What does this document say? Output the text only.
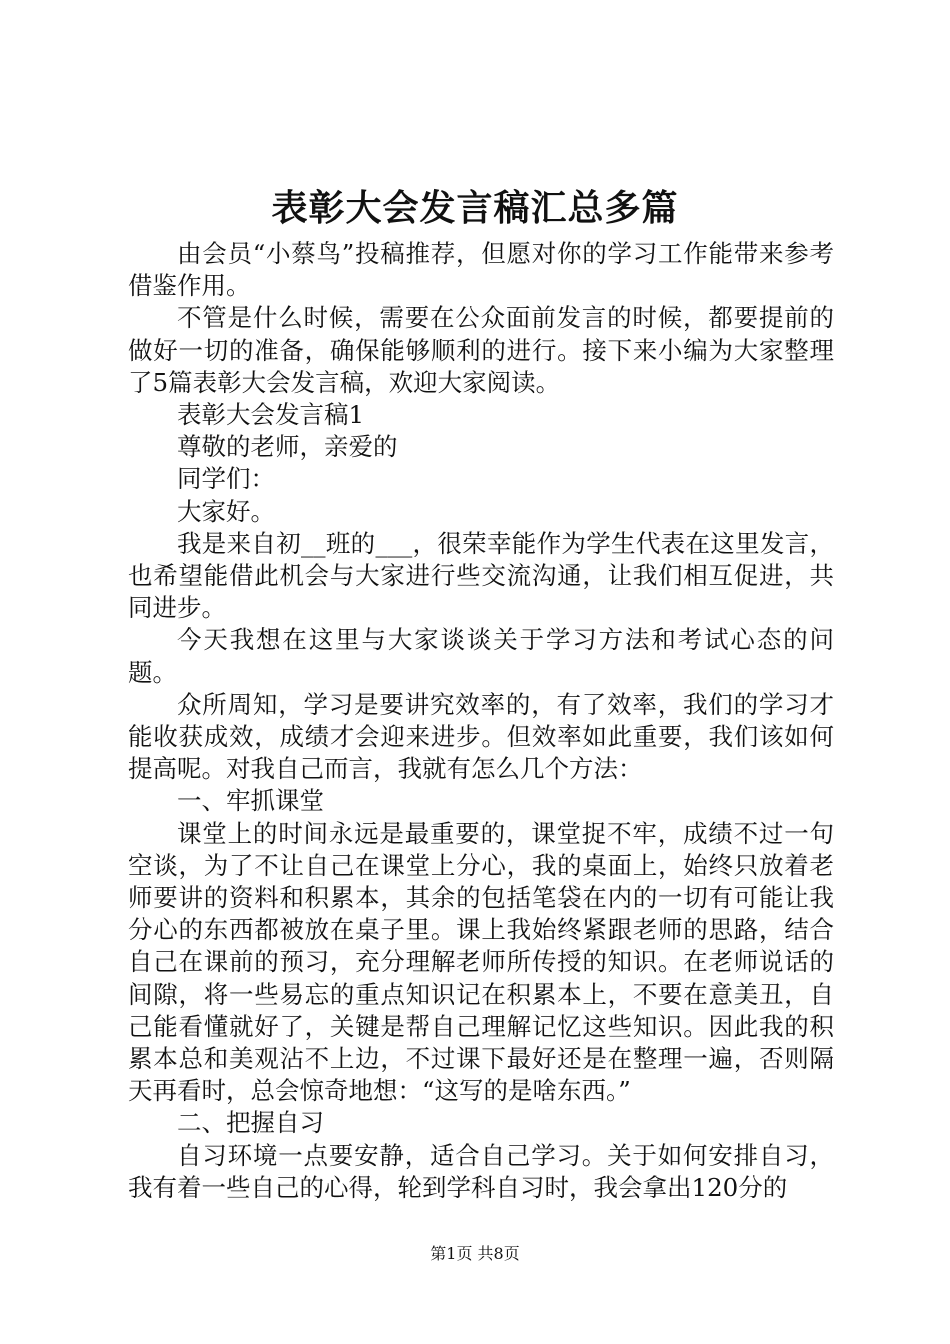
表彰大会发言稿汇总多篇

由会员“小蔡鸟”投稿推荐，但愿对你的学习工作能带来参考借鉴作用。

不管是什么时候，需要在公众面前发言的时候，都要提前的做好一切的准备，确保能够顺利的进行。接下来小编为大家整理了5篇表彰大会发言稿，欢迎大家阅读。

表彰大会发言稿1

尊敬的老师，亲爱的

同学们：

大家好。

我是来自初__班的___，很荣幸能作为学生代表在这里发言，也希望能借此机会与大家进行些交流沟通，让我们相互促进，共同进步。

今天我想在这里与大家谈谈关于学习方法和考试心态的问题。

众所周知，学习是要讲究效率的，有了效率，我们的学习才能收获成效，成绩才会迎来进步。但效率如此重要，我们该如何提高呢。对我自己而言，我就有怎么几个方法：

一、牢抓课堂

课堂上的时间永远是最重要的，课堂捉不牢，成绩不过一句空谈，为了不让自己在课堂上分心，我的桌面上，始终只放着老师要讲的资料和积累本，其余的包括笔袋在内的一切有可能让我分心的东西都被放在桌子里。课上我始终紧跟老师的思路，结合自己在课前的预习，充分理解老师所传授的知识。在老师说话的间隙，将一些易忘的重点知识记在积累本上，不要在意美丑，自己能看懂就好了，关键是帮自己理解记忆这些知识。因此我的积累本总和美观沾不上边，不过课下最好还是在整理一遍，否则隔天再看时，总会惊奇地想：“这写的是啥东西。”

二、把握自习

自习环境一点要安静，适合自己学习。关于如何安排自习，我有着一些自己的心得，轮到学科自习时，我会拿出120分的

第1页 共8页
